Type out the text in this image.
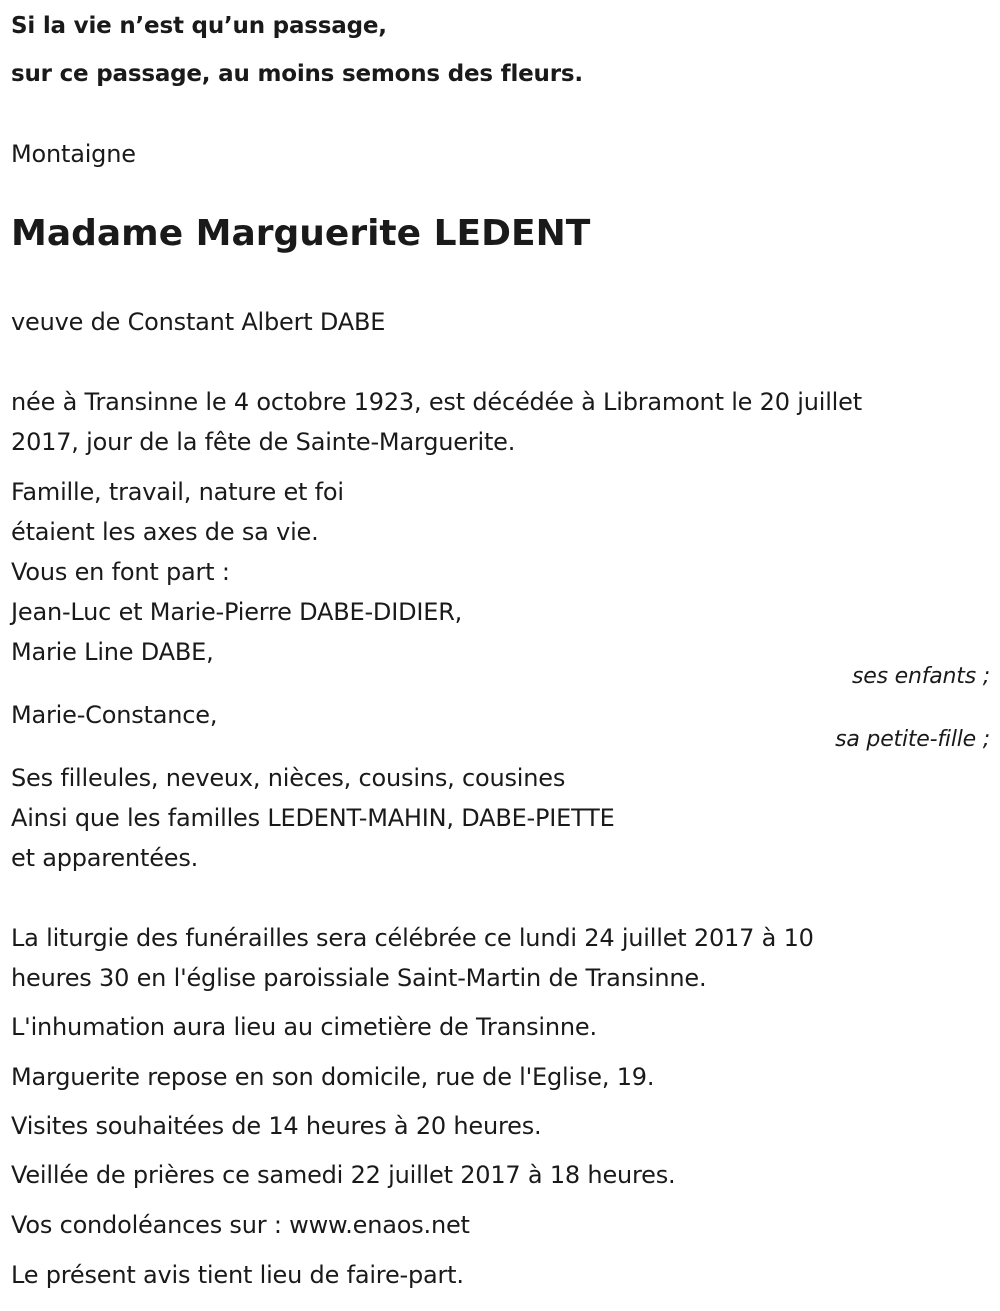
Si la vie n’est qu’un passage,
sur ce passage, au moins semons des fleurs.
Montaigne
Madame Marguerite LEDENT
veuve de Constant Albert DABE
née à Transinne le 4 octobre 1923, est décédée à Libramont le 20 juillet
2017, jour de la fête de Sainte-Marguerite.
Famille, travail, nature et foi
étaient les axes de sa vie.
Vous en font part :
Jean-Luc et Marie-Pierre DABE-DIDIER,
Marie Line DABE,
ses enfants ;
Marie-Constance,
sa petite-fille ;
Ses filleules, neveux, nièces, cousins, cousines
Ainsi que les familles LEDENT-MAHIN, DABE-PIETTE
et apparentées.
La liturgie des funérailles sera célébrée ce lundi 24 juillet 2017 à 10
heures 30 en l'église paroissiale Saint-Martin de Transinne.
L'inhumation aura lieu au cimetière de Transinne.
Marguerite repose en son domicile, rue de l'Eglise, 19.
Visites souhaitées de 14 heures à 20 heures.
Veillée de prières ce samedi 22 juillet 2017 à 18 heures.
Vos condoléances sur : www.enaos.net
Le présent avis tient lieu de faire-part.
